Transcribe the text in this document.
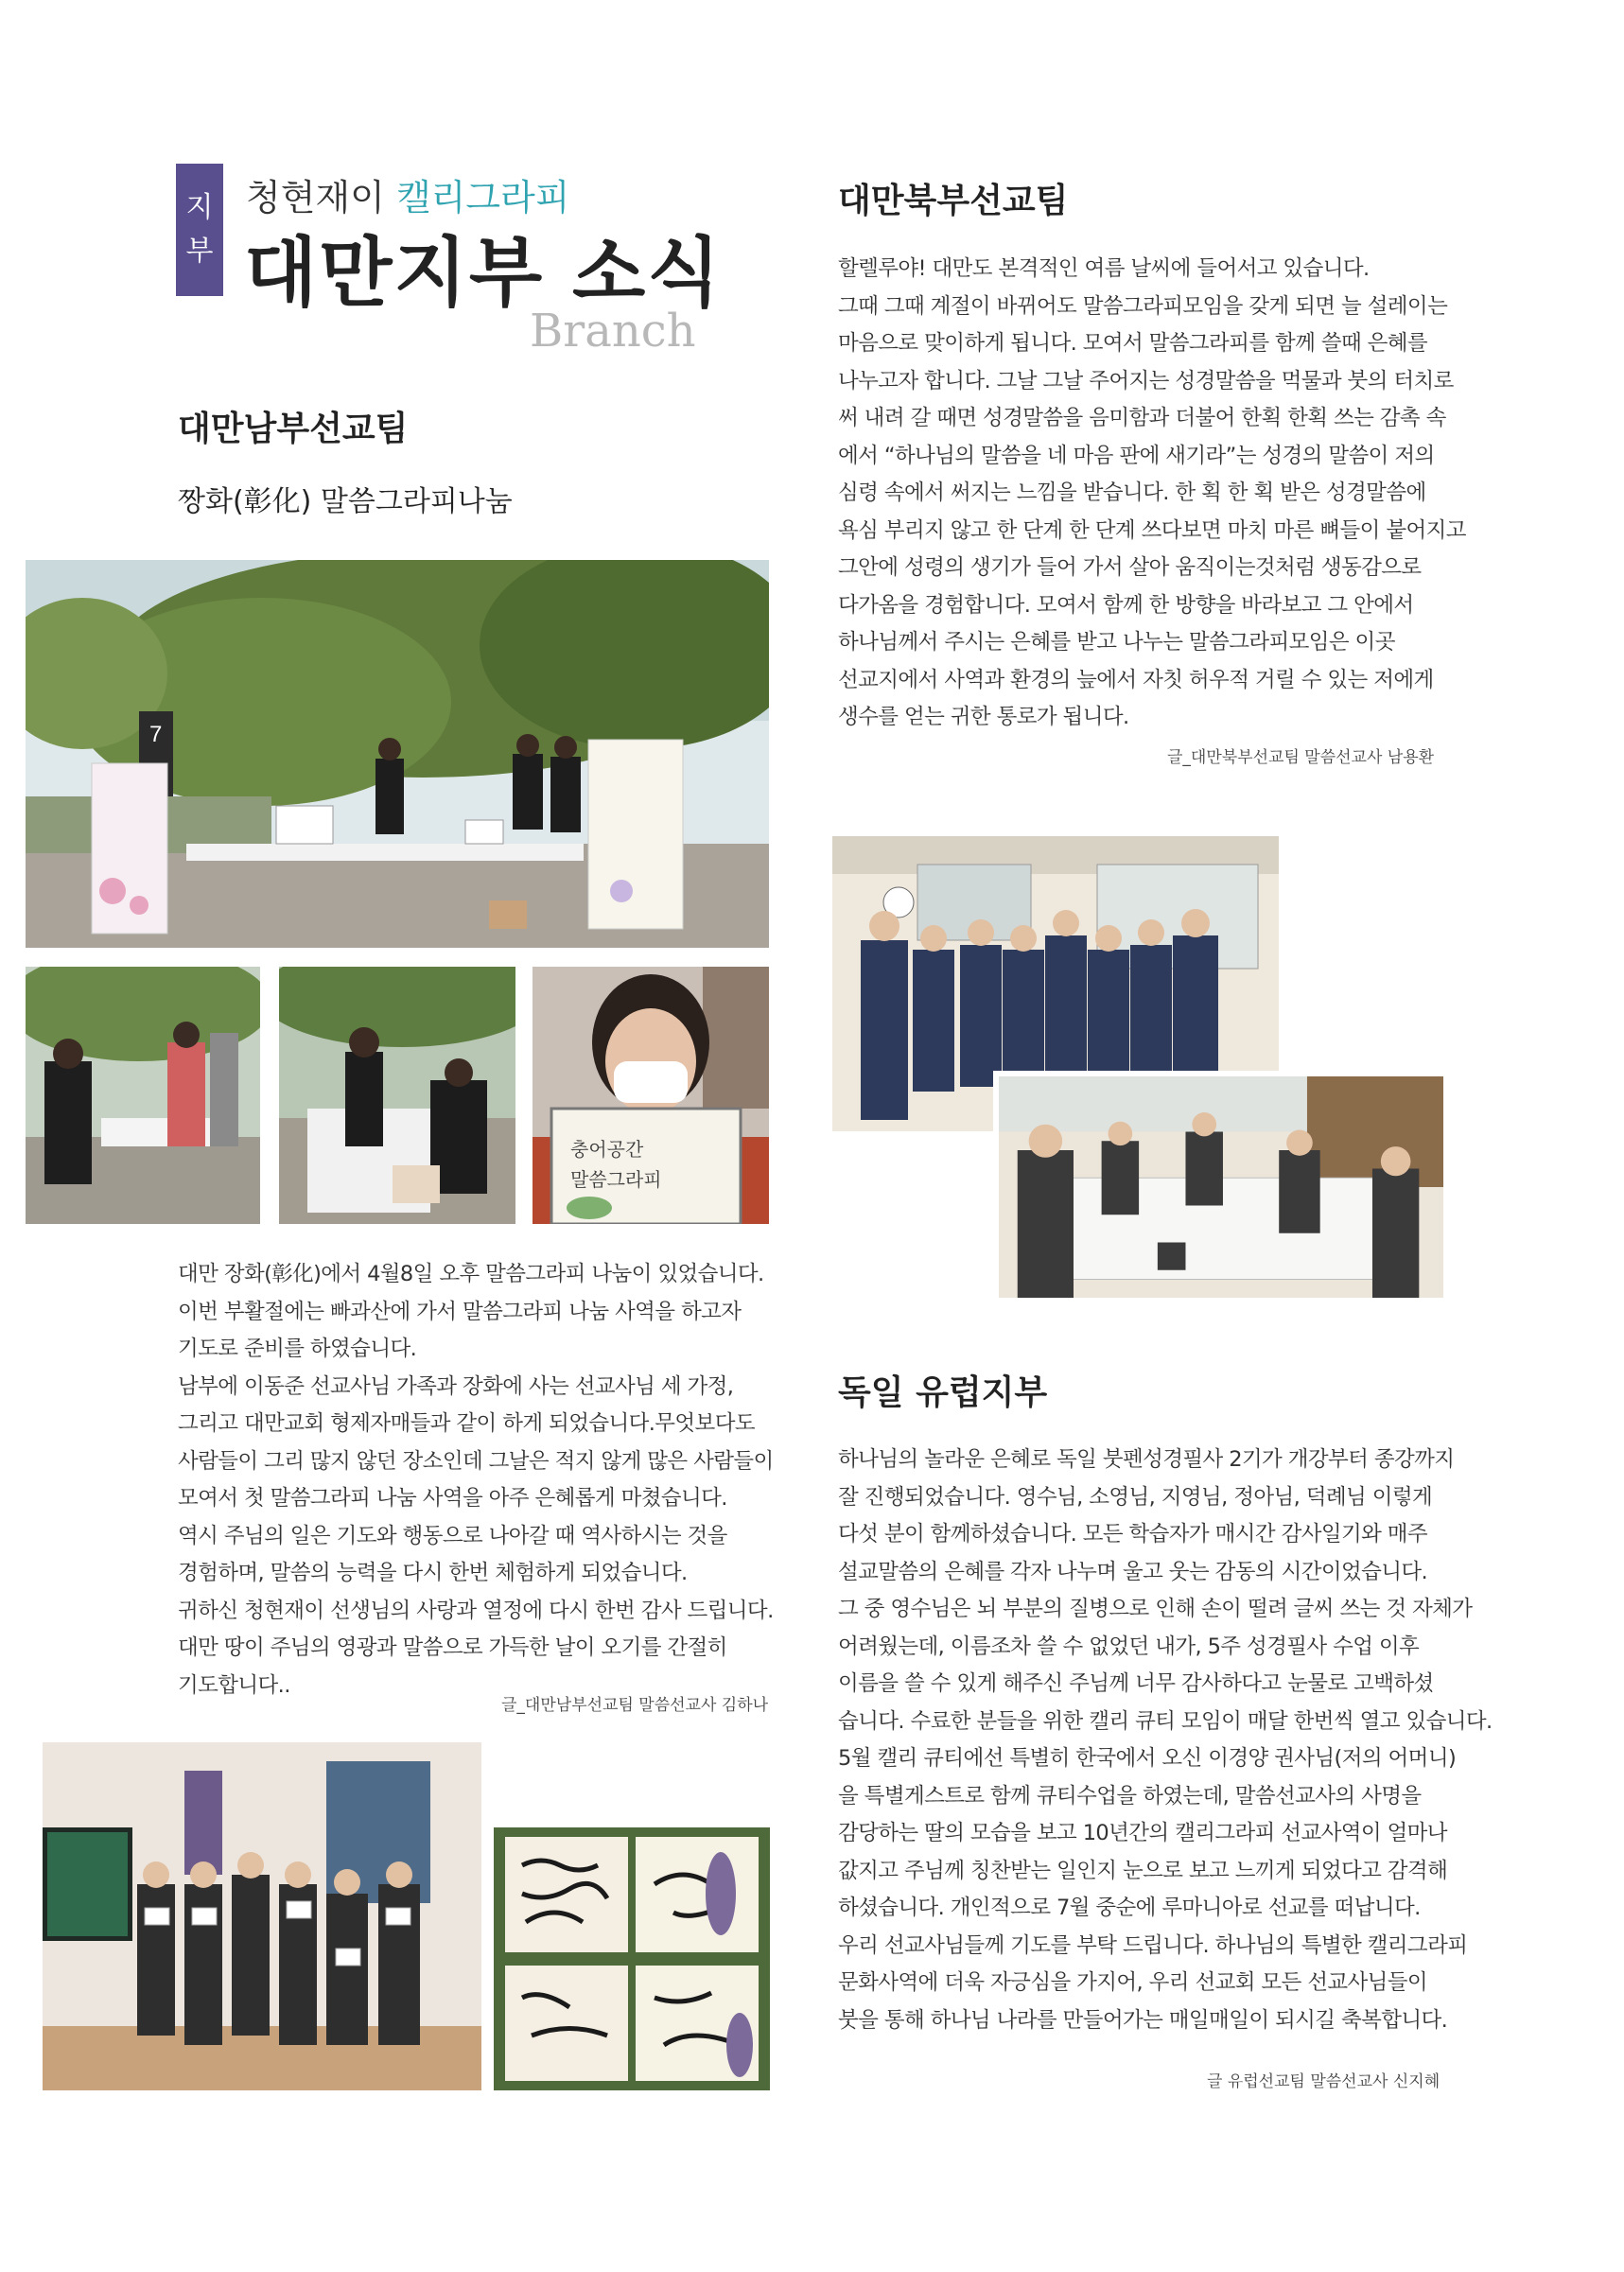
지
부
청현재이 캘리그라피
대만지부 소식
Branch
대만남부선교팀
짱화(彰化) 말씀그라피나눔
7
충어공간
말씀그라피

대만 장화(彰化)에서 4월8일 오후 말씀그라피 나눔이 있었습니다.

이번 부활절에는 빠과산에 가서 말씀그라피 나눔 사역을 하고자

기도로 준비를 하였습니다.

남부에 이동준 선교사님 가족과 장화에 사는 선교사님 세 가정,

그리고 대만교회 형제자매들과 같이 하게 되었습니다.무엇보다도

사람들이 그리 많지 않던 장소인데 그날은 적지 않게 많은 사람들이

모여서 첫 말씀그라피 나눔 사역을 아주 은혜롭게 마쳤습니다.

역시 주님의 일은 기도와 행동으로 나아갈 때 역사하시는 것을

경험하며, 말씀의 능력을 다시 한번 체험하게 되었습니다.

귀하신 청현재이 선생님의 사랑과 열정에 다시 한번 감사 드립니다.

대만 땅이 주님의 영광과 말씀으로 가득한 날이 오기를 간절히

기도합니다..

글_대만남부선교팀 말씀선교사 김하나
대만북부선교팀

할렐루야! 대만도 본격적인 여름 날씨에 들어서고 있습니다.

그때 그때 계절이 바뀌어도 말씀그라피모임을 갖게 되면 늘 설레이는

마음으로 맞이하게 됩니다. 모여서 말씀그라피를 함께 쓸때 은혜를

나누고자 합니다. 그날 그날 주어지는 성경말씀을 먹물과 붓의 터치로

써 내려 갈 때면 성경말씀을 음미함과 더불어 한획 한획 쓰는 감촉 속

에서 “하나님의 말씀을 네 마음 판에 새기라”는 성경의 말씀이 저의

심령 속에서 써지는 느낌을 받습니다. 한 획 한 획 받은 성경말씀에

욕심 부리지 않고 한 단계 한 단계 쓰다보면 마치 마른 뼈들이 붙어지고

그안에 성령의 생기가 들어 가서 살아 움직이는것처럼 생동감으로

다가옴을 경험합니다. 모여서 함께 한 방향을 바라보고 그 안에서

하나님께서 주시는 은혜를 받고 나누는 말씀그라피모임은 이곳

선교지에서 사역과 환경의 늪에서 자칫 허우적 거릴 수 있는 저에게

생수를 얻는 귀한 통로가 됩니다.

글_대만북부선교팀 말씀선교사 남용환
독일 유럽지부

하나님의 놀라운 은혜로 독일 붓펜성경필사 2기가 개강부터 종강까지

잘 진행되었습니다. 영수님, 소영님, 지영님, 정아님, 덕례님 이렇게

다섯 분이 함께하셨습니다. 모든 학습자가 매시간 감사일기와 매주

설교말씀의 은혜를 각자 나누며 울고 웃는 감동의 시간이었습니다.

그 중 영수님은 뇌 부분의 질병으로 인해 손이 떨려 글씨 쓰는 것 자체가

어려웠는데, 이름조차 쓸 수 없었던 내가, 5주 성경필사 수업 이후

이름을 쓸 수 있게 해주신 주님께 너무 감사하다고 눈물로 고백하셨

습니다. 수료한 분들을 위한 캘리 큐티 모임이 매달 한번씩 열고 있습니다.

5월 캘리 큐티에선 특별히 한국에서 오신 이경양 권사님(저의 어머니)

을 특별게스트로 함께 큐티수업을 하였는데, 말씀선교사의 사명을

감당하는 딸의 모습을 보고 10년간의 캘리그라피 선교사역이 얼마나

값지고 주님께 칭찬받는 일인지 눈으로 보고 느끼게 되었다고 감격해

하셨습니다. 개인적으로 7월 중순에 루마니아로 선교를 떠납니다.

우리 선교사님들께 기도를 부탁 드립니다. 하나님의 특별한 캘리그라피

문화사역에 더욱 자긍심을 가지어, 우리 선교회 모든 선교사님들이

붓을 통해 하나님 나라를 만들어가는 매일매일이 되시길 축복합니다.

글 유럽선교팀 말씀선교사 신지혜
